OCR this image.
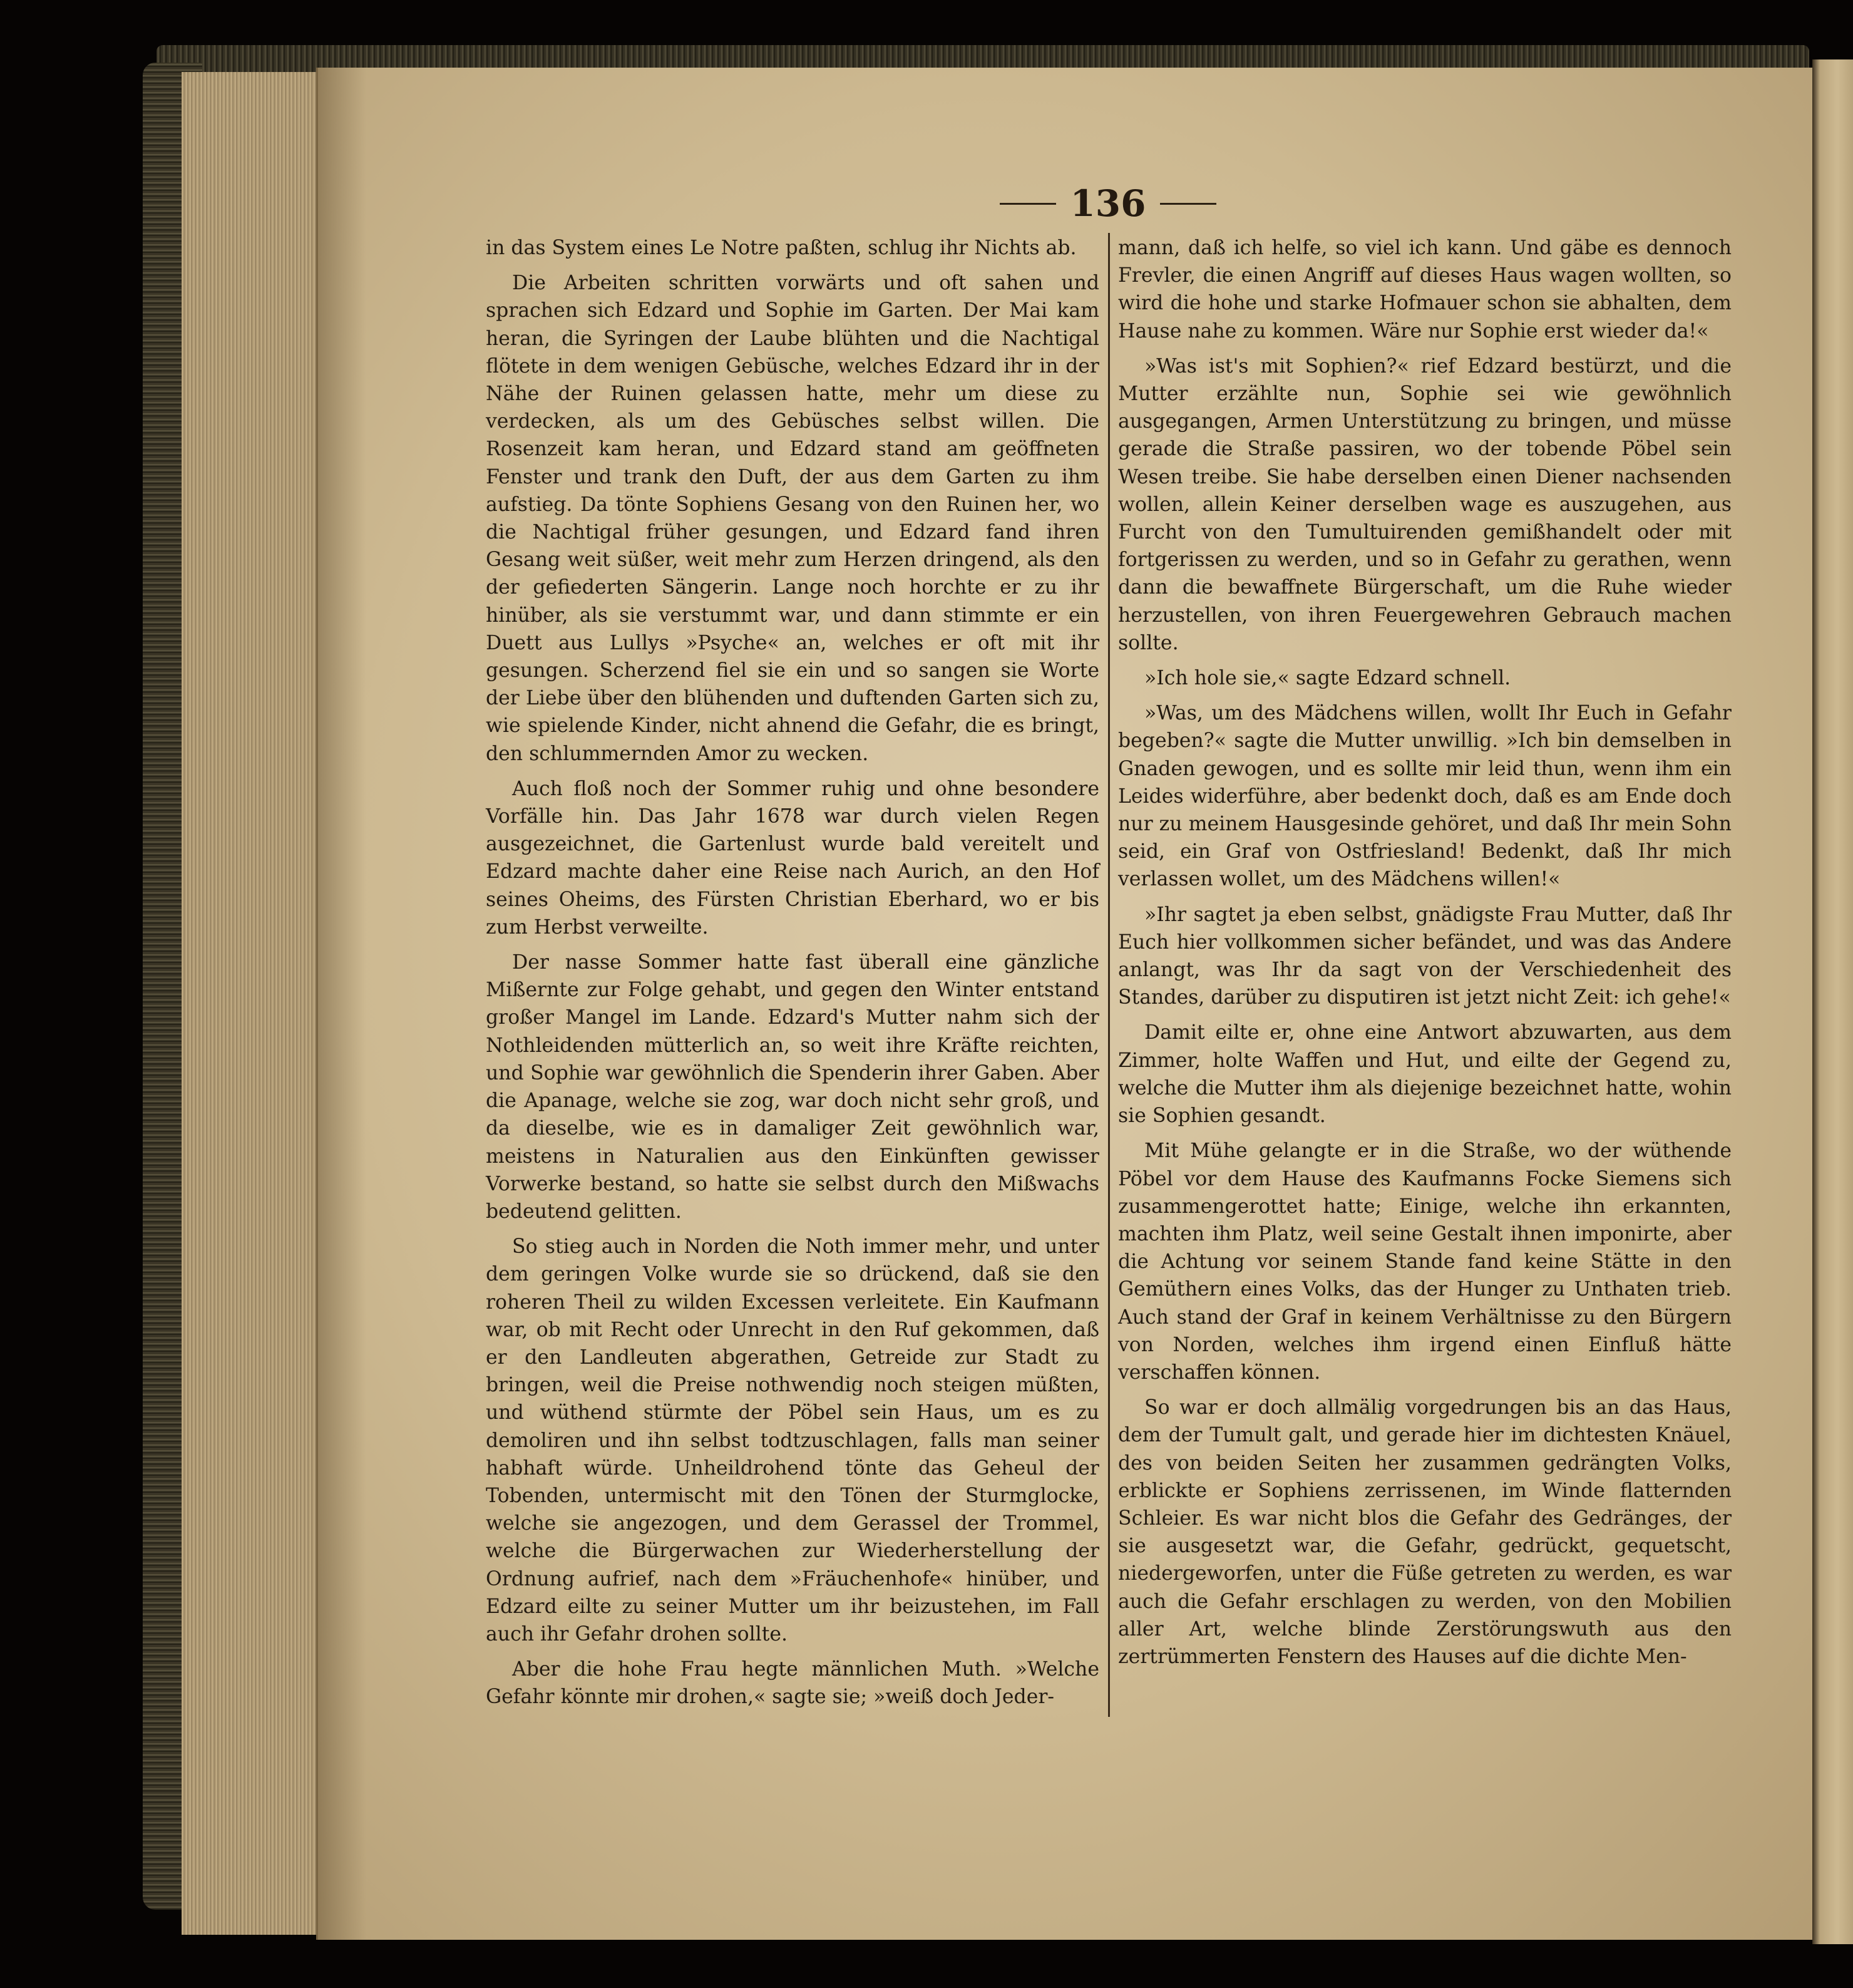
136

in das System eines Le Notre paßten, schlug ihr Nichts ab.

Die Arbeiten schritten vorwärts und oft sahen und sprachen sich Edzard und Sophie im Garten. Der Mai kam heran, die Syringen der Laube blühten und die Nachtigal flötete in dem wenigen Gebüsche, welches Edzard ihr in der Nähe der Ruinen gelassen hatte, mehr um diese zu verdecken, als um des Gebüsches selbst willen. Die Rosenzeit kam heran, und Edzard stand am geöffneten Fenster und trank den Duft, der aus dem Garten zu ihm aufstieg. Da tönte Sophiens Gesang von den Ruinen her, wo die Nachtigal früher gesungen, und Edzard fand ihren Gesang weit süßer, weit mehr zum Herzen dringend, als den der gefiederten Sängerin. Lange noch horchte er zu ihr hinüber, als sie verstummt war, und dann stimmte er ein Duett aus Lullys »Psyche« an, welches er oft mit ihr gesungen. Scherzend fiel sie ein und so sangen sie Worte der Liebe über den blühenden und duftenden Garten sich zu, wie spielende Kinder, nicht ahnend die Gefahr, die es bringt, den schlummernden Amor zu wecken.

Auch floß noch der Sommer ruhig und ohne besondere Vorfälle hin. Das Jahr 1678 war durch vielen Regen ausgezeichnet, die Gartenlust wurde bald vereitelt und Edzard machte daher eine Reise nach Aurich, an den Hof seines Oheims, des Fürsten Christian Eberhard, wo er bis zum Herbst verweilte.

Der nasse Sommer hatte fast überall eine gänzliche Mißernte zur Folge gehabt, und gegen den Winter entstand großer Mangel im Lande. Edzard's Mutter nahm sich der Nothleidenden mütterlich an, so weit ihre Kräfte reichten, und Sophie war gewöhnlich die Spenderin ihrer Gaben. Aber die Apanage, welche sie zog, war doch nicht sehr groß, und da dieselbe, wie es in damaliger Zeit gewöhnlich war, meistens in Naturalien aus den Einkünften gewisser Vorwerke bestand, so hatte sie selbst durch den Mißwachs bedeutend gelitten.

So stieg auch in Norden die Noth immer mehr, und unter dem geringen Volke wurde sie so drückend, daß sie den roheren Theil zu wilden Excessen verleitete. Ein Kaufmann war, ob mit Recht oder Unrecht in den Ruf gekommen, daß er den Landleuten abgerathen, Getreide zur Stadt zu bringen, weil die Preise nothwendig noch steigen müßten, und wüthend stürmte der Pöbel sein Haus, um es zu demoliren und ihn selbst todtzuschlagen, falls man seiner habhaft würde. Unheildrohend tönte das Geheul der Tobenden, untermischt mit den Tönen der Sturmglocke, welche sie angezogen, und dem Gerassel der Trommel, welche die Bürgerwachen zur Wiederherstellung der Ordnung aufrief, nach dem »Fräuchenhofe« hinüber, und Edzard eilte zu seiner Mutter um ihr beizustehen, im Fall auch ihr Gefahr drohen sollte.

Aber die hohe Frau hegte männlichen Muth. »Welche Gefahr könnte mir drohen,« sagte sie; »weiß doch Jeder-

mann, daß ich helfe, so viel ich kann. Und gäbe es dennoch Frevler, die einen Angriff auf dieses Haus wagen wollten, so wird die hohe und starke Hofmauer schon sie abhalten, dem Hause nahe zu kommen. Wäre nur Sophie erst wieder da!«

»Was ist's mit Sophien?« rief Edzard bestürzt, und die Mutter erzählte nun, Sophie sei wie gewöhnlich ausgegangen, Armen Unterstützung zu bringen, und müsse gerade die Straße passiren, wo der tobende Pöbel sein Wesen treibe. Sie habe derselben einen Diener nachsenden wollen, allein Keiner derselben wage es auszugehen, aus Furcht von den Tumultuirenden gemißhandelt oder mit fortgerissen zu werden, und so in Gefahr zu gerathen, wenn dann die bewaffnete Bürgerschaft, um die Ruhe wieder herzustellen, von ihren Feuergewehren Gebrauch machen sollte.

»Ich hole sie,« sagte Edzard schnell.

»Was, um des Mädchens willen, wollt Ihr Euch in Gefahr begeben?« sagte die Mutter unwillig. »Ich bin demselben in Gnaden gewogen, und es sollte mir leid thun, wenn ihm ein Leides widerführe, aber bedenkt doch, daß es am Ende doch nur zu meinem Hausgesinde gehöret, und daß Ihr mein Sohn seid, ein Graf von Ostfriesland! Bedenkt, daß Ihr mich verlassen wollet, um des Mädchens willen!«

»Ihr sagtet ja eben selbst, gnädigste Frau Mutter, daß Ihr Euch hier vollkommen sicher befändet, und was das Andere anlangt, was Ihr da sagt von der Verschiedenheit des Standes, darüber zu disputiren ist jetzt nicht Zeit: ich gehe!«

Damit eilte er, ohne eine Antwort abzuwarten, aus dem Zimmer, holte Waffen und Hut, und eilte der Gegend zu, welche die Mutter ihm als diejenige bezeichnet hatte, wohin sie Sophien gesandt.

Mit Mühe gelangte er in die Straße, wo der wüthende Pöbel vor dem Hause des Kaufmanns Focke Siemens sich zusammengerottet hatte; Einige, welche ihn erkannten, machten ihm Platz, weil seine Gestalt ihnen imponirte, aber die Achtung vor seinem Stande fand keine Stätte in den Gemüthern eines Volks, das der Hunger zu Unthaten trieb. Auch stand der Graf in keinem Verhältnisse zu den Bürgern von Norden, welches ihm irgend einen Einfluß hätte verschaffen können.

So war er doch allmälig vorgedrungen bis an das Haus, dem der Tumult galt, und gerade hier im dichtesten Knäuel, des von beiden Seiten her zusammen gedrängten Volks, erblickte er Sophiens zerrissenen, im Winde flatternden Schleier. Es war nicht blos die Gefahr des Gedränges, der sie ausgesetzt war, die Gefahr, gedrückt, gequetscht, niedergeworfen, unter die Füße getreten zu werden, es war auch die Gefahr erschlagen zu werden, von den Mobilien aller Art, welche blinde Zerstörungswuth aus den zertrümmerten Fenstern des Hauses auf die dichte Men-
